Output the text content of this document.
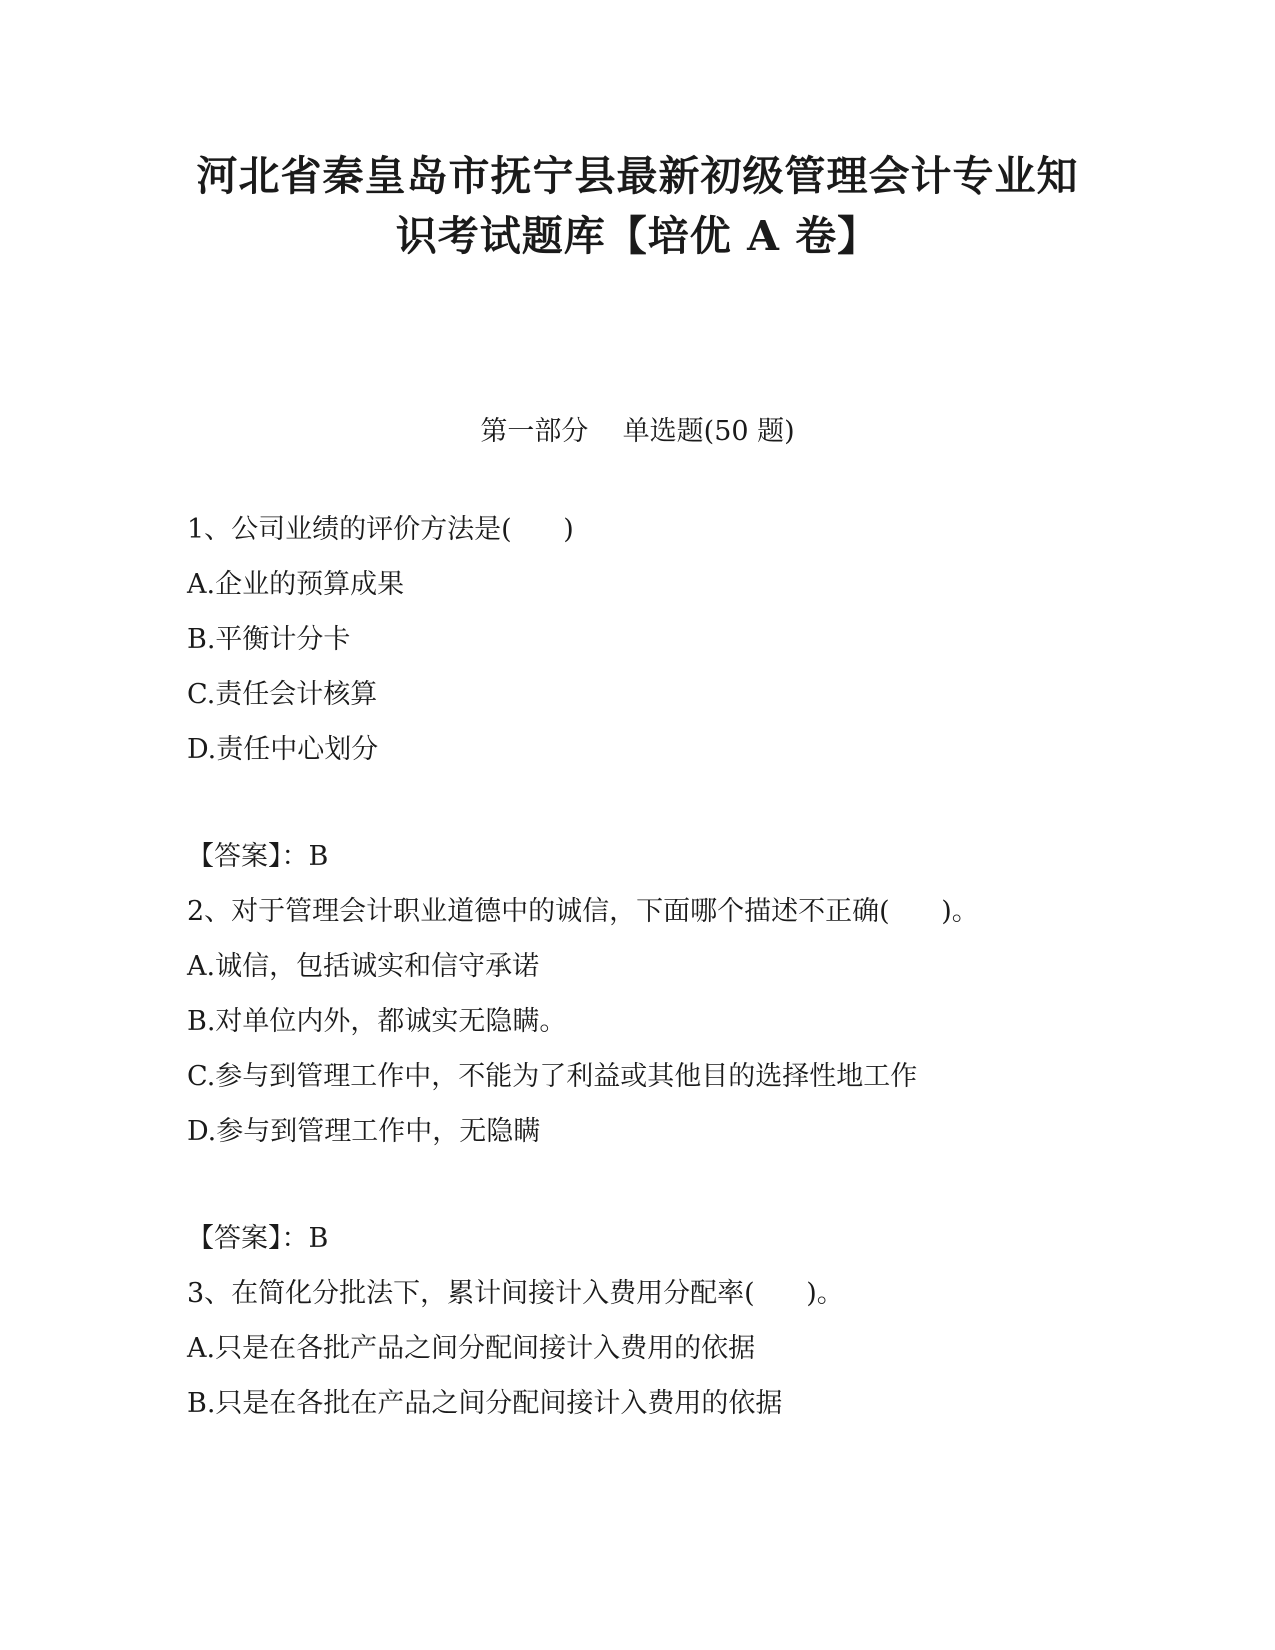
河北省秦皇岛市抚宁县最新初级管理会计专业知
识考试题库【培优 A 卷】
第一部分    单选题(50 题)
1、公司业绩的评价方法是(      )
A.企业的预算成果
B.平衡计分卡
C.责任会计核算
D.责任中心划分
【答案】：B
2、对于管理会计职业道德中的诚信，下面哪个描述不正确(      )。
A.诚信，包括诚实和信守承诺
B.对单位内外，都诚实无隐瞒。
C.参与到管理工作中，不能为了利益或其他目的选择性地工作
D.参与到管理工作中，无隐瞒
【答案】：B
3、在简化分批法下，累计间接计入费用分配率(      )。
A.只是在各批产品之间分配间接计入费用的依据
B.只是在各批在产品之间分配间接计入费用的依据
